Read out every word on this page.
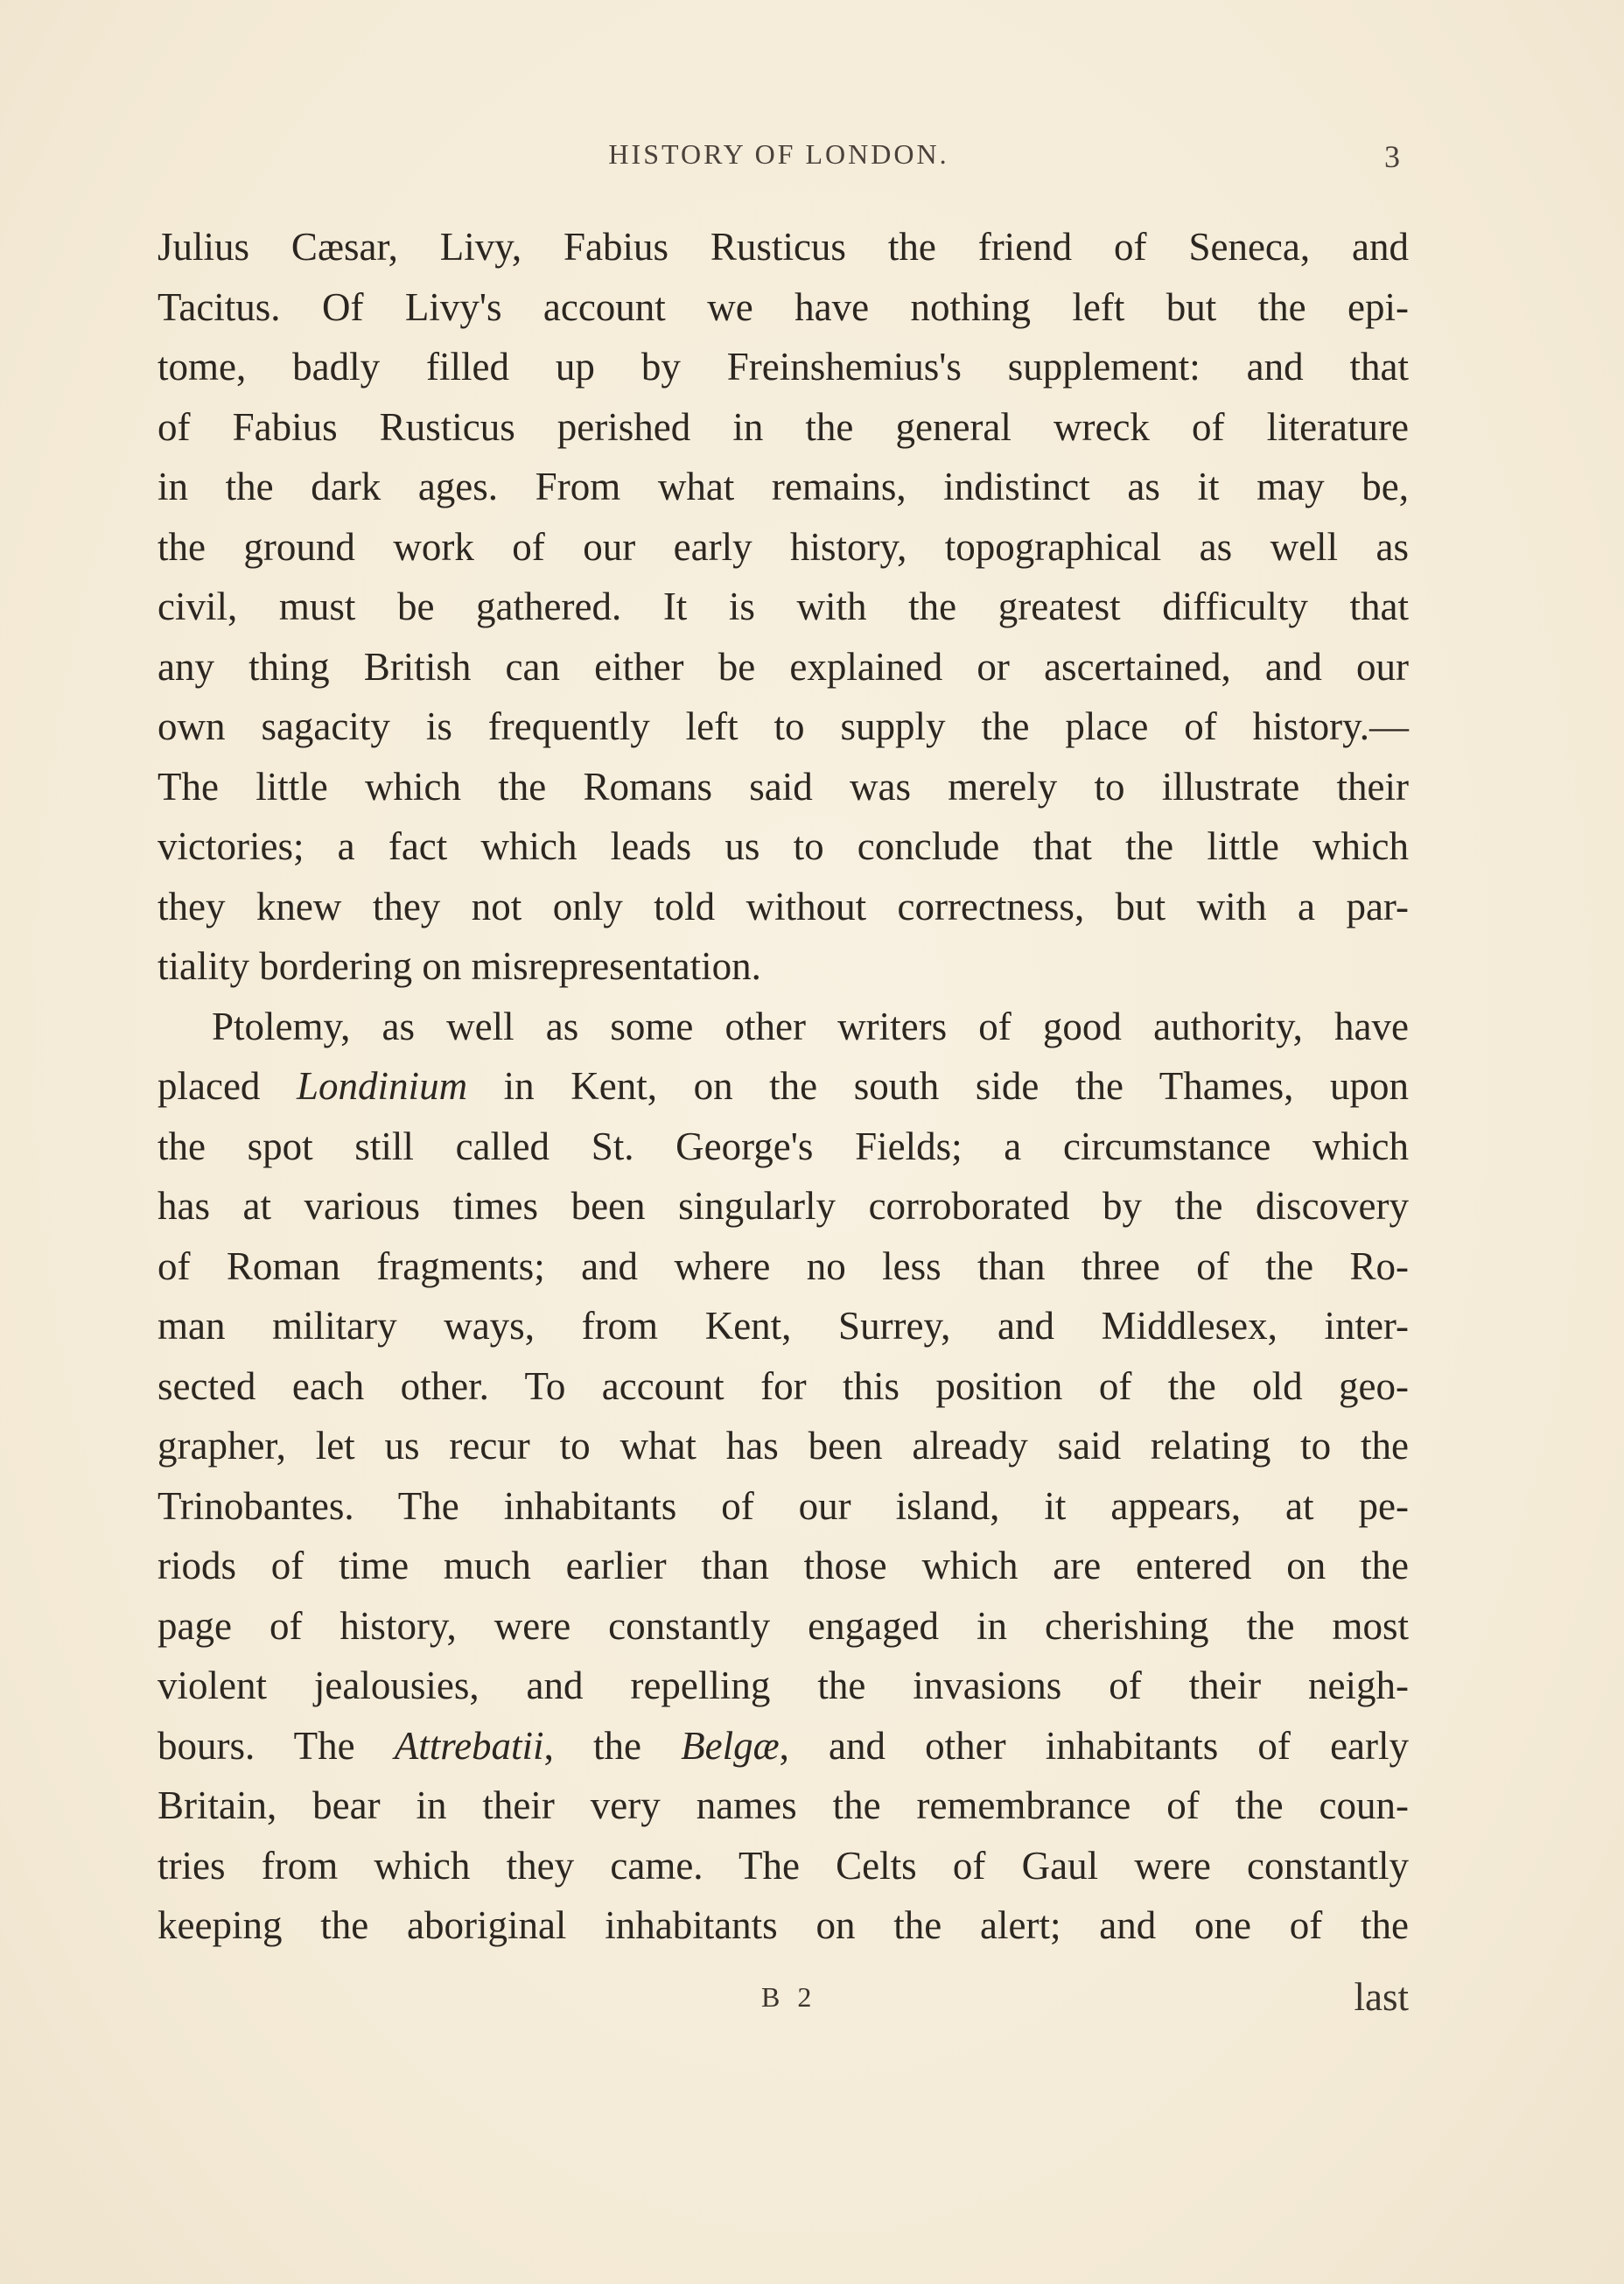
HISTORY OF LONDON.	3
Julius Cæsar, Livy, Fabius Rusticus the friend of Seneca, and
Tacitus. Of Livy's account we have nothing left but the epi-
tome, badly filled up by Freinshemius's supplement: and that
of Fabius Rusticus perished in the general wreck of literature
in the dark ages. From what remains, indistinct as it may be,
the ground work of our early history, topographical as well as
civil, must be gathered. It is with the greatest difficulty that
any thing British can either be explained or ascertained, and our
own sagacity is frequently left to supply the place of history.—
The little which the Romans said was merely to illustrate their
victories; a fact which leads us to conclude that the little which
they knew they not only told without correctness, but with a par-
tiality bordering on misrepresentation.
Ptolemy, as well as some other writers of good authority, have
placed Londinium in Kent, on the south side the Thames, upon
the spot still called St. George's Fields; a circumstance which
has at various times been singularly corroborated by the discovery
of Roman fragments; and where no less than three of the Ro-
man military ways, from Kent, Surrey, and Middlesex, inter-
sected each other. To account for this position of the old geo-
grapher, let us recur to what has been already said relating to the
Trinobantes. The inhabitants of our island, it appears, at pe-
riods of time much earlier than those which are entered on the
page of history, were constantly engaged in cherishing the most
violent jealousies, and repelling the invasions of their neigh-
bours. The Attrebatii, the Belgæ, and other inhabitants of early
Britain, bear in their very names the remembrance of the coun-
tries from which they came. The Celts of Gaul were constantly
keeping the aboriginal inhabitants on the alert; and one of the
B 2	last
